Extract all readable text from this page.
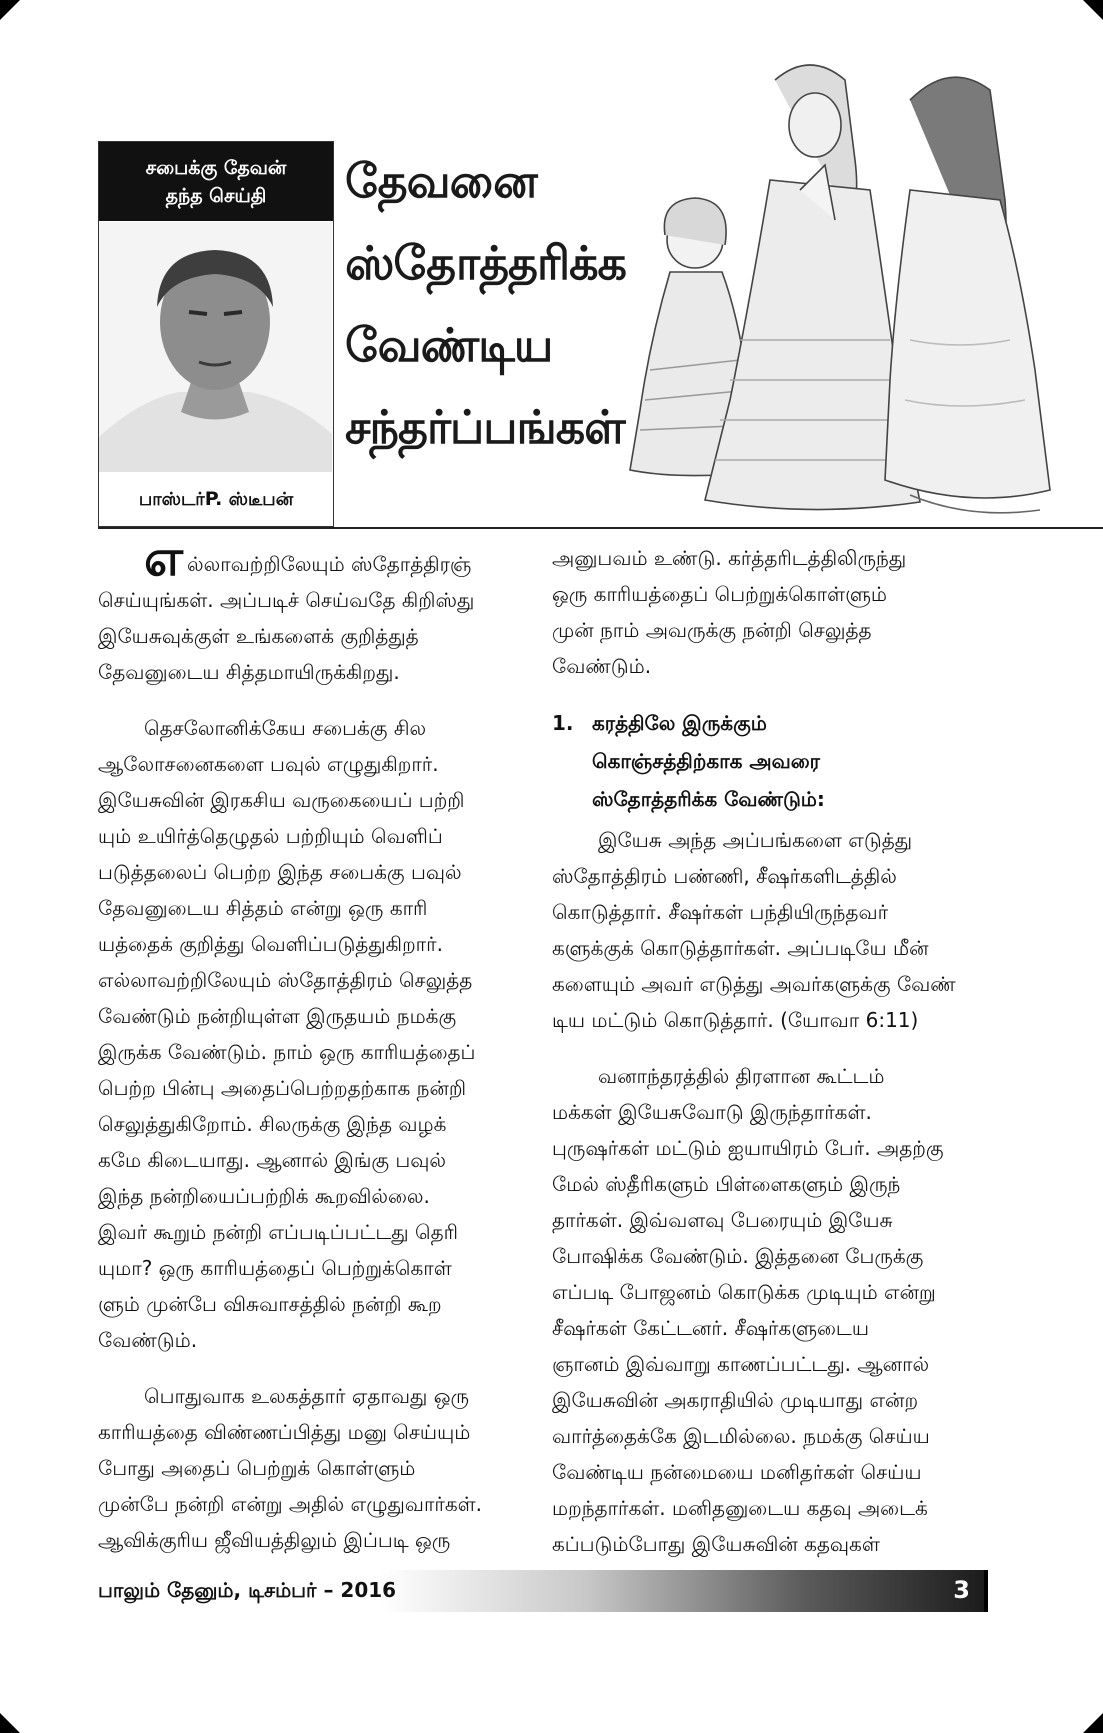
சபைக்கு தேவன்
தந்த செய்தி
பாஸ்டர்P. ஸ்டீபன்
தேவனை
ஸ்தோத்தரிக்க
வேண்டிய
சந்தர்ப்பங்கள்
எல்லாவற்றிலேயும் ஸ்தோத்திரஞ்
செய்யுங்கள். அப்படிச் செய்வதே கிறிஸ்து
இயேசுவுக்குள் உங்களைக் குறித்துத்
தேவனுடைய சித்தமாயிருக்கிறது.
தெசலோனிக்கேய சபைக்கு சில
ஆலோசனைகளை பவுல் எழுதுகிறார்.
இயேசுவின் இரகசிய வருகையைப் பற்றி
யும் உயிர்த்தெழுதல் பற்றியும் வெளிப்
படுத்தலைப் பெற்ற இந்த சபைக்கு பவுல்
தேவனுடைய சித்தம் என்று ஒரு காரி
யத்தைக் குறித்து வெளிப்படுத்துகிறார்.
எல்லாவற்றிலேயும் ஸ்தோத்திரம் செலுத்த
வேண்டும் நன்றியுள்ள இருதயம் நமக்கு
இருக்க வேண்டும். நாம் ஒரு காரியத்தைப்
பெற்ற பின்பு அதைப்பெற்றதற்காக நன்றி
செலுத்துகிறோம். சிலருக்கு இந்த வழக்
கமே கிடையாது. ஆனால் இங்கு பவுல்
இந்த நன்றியைப்பற்றிக் கூறவில்லை.
இவர் கூறும் நன்றி எப்படிப்பட்டது தெரி
யுமா? ஒரு காரியத்தைப் பெற்றுக்கொள்
ளும் முன்பே விசுவாசத்தில் நன்றி கூற
வேண்டும்.
பொதுவாக உலகத்தார் ஏதாவது ஒரு
காரியத்தை விண்ணப்பித்து மனு செய்யும்
போது அதைப் பெற்றுக் கொள்ளும்
முன்பே நன்றி என்று அதில் எழுதுவார்கள்.
ஆவிக்குரிய ஜீவியத்திலும் இப்படி ஒரு
அனுபவம் உண்டு. கர்த்தரிடத்திலிருந்து
ஒரு காரியத்தைப் பெற்றுக்கொள்ளும்
முன் நாம் அவருக்கு நன்றி செலுத்த
வேண்டும்.
1. கரத்திலே இருக்கும்
கொஞ்சத்திற்காக அவரை
ஸ்தோத்தரிக்க வேண்டும்:
இயேசு அந்த அப்பங்களை எடுத்து
ஸ்தோத்திரம் பண்ணி, சீஷர்களிடத்தில்
கொடுத்தார். சீஷர்கள் பந்தியிருந்தவர்
களுக்குக் கொடுத்தார்கள். அப்படியே மீன்
களையும் அவர் எடுத்து அவர்களுக்கு வேண்
டிய மட்டும் கொடுத்தார். (யோவா 6:11)
வனாந்தரத்தில் திரளான கூட்டம்
மக்கள் இயேசுவோடு இருந்தார்கள்.
புருஷர்கள் மட்டும் ஐயாயிரம் பேர். அதற்கு
மேல் ஸ்தீரிகளும் பிள்ளைகளும் இருந்
தார்கள். இவ்வளவு பேரையும் இயேசு
போஷிக்க வேண்டும். இத்தனை பேருக்கு
எப்படி போஜனம் கொடுக்க முடியும் என்று
சீஷர்கள் கேட்டனர். சீஷர்களுடைய
ஞானம் இவ்வாறு காணப்பட்டது. ஆனால்
இயேசுவின் அகராதியில் முடியாது என்ற
வார்த்தைக்கே இடமில்லை. நமக்கு செய்ய
வேண்டிய நன்மையை மனிதர்கள் செய்ய
மறந்தார்கள். மனிதனுடைய கதவு அடைக்
கப்படும்போது இயேசுவின் கதவுகள்
பாலும் தேனும், டிசம்பர் – 2016	3
